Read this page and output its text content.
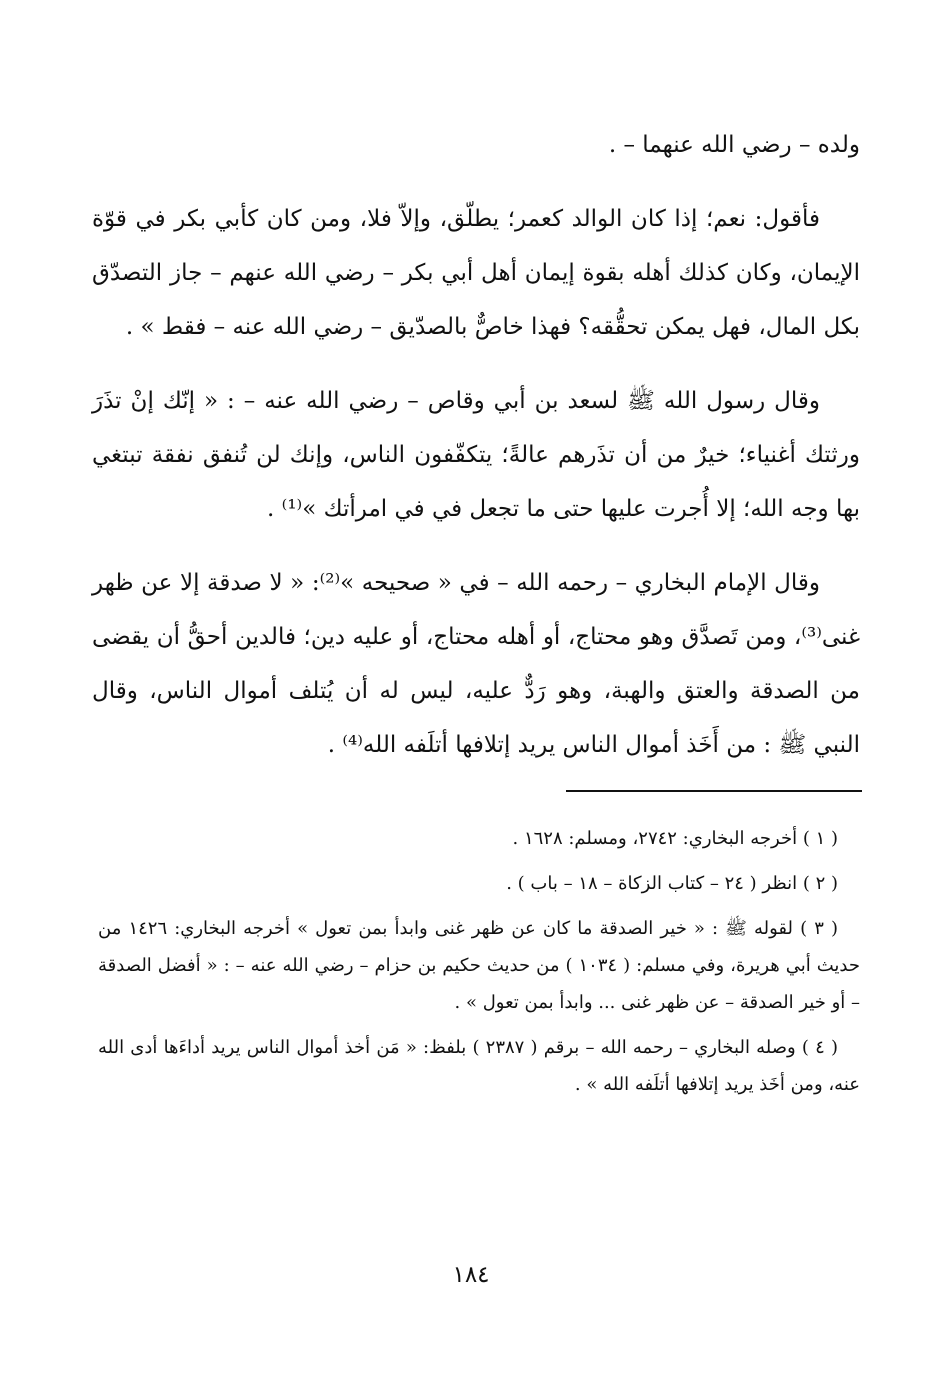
ولده – رضي الله عنهما – .

فأقول: نعم؛ إذا كان الوالد كعمر؛ يطلّق، وإلاّ فلا، ومن كان كأبي بكر في قوّة الإيمان، وكان كذلك أهله بقوة إيمان أهل أبي بكر – رضي الله عنهم – جاز التصدّق بكل المال، فهل يمكن تحقُّقه؟ فهذا خاصٌّ بالصدّيق – رضي الله عنه – فقط » .

وقال رسول الله ﷺ لسعد بن أبي وقاص – رضي الله عنه – : « إنّك إنْ تذَرَ ورثتك أغنياء؛ خيرٌ من أن تذَرهم عالةً؛ يتكفّفون الناس، وإنك لن تُنفق نفقة تبتغي بها وجه الله؛ إلا أُجرت عليها حتى ما تجعل في في امرأتك »⁽¹⁾ .

وقال الإمام البخاري – رحمه الله – في « صحيحه »⁽²⁾: « لا صدقة إلا عن ظهر غنى⁽³⁾، ومن تَصدَّق وهو محتاج، أو أهله محتاج، أو عليه دين؛ فالدين أحقُّ أن يقضى من الصدقة والعتق والهبة، وهو رَدٌّ عليه، ليس له أن يُتلف أموال الناس، وقال النبي ﷺ : من أَخَذ أموال الناس يريد إتلافها أتلَفه الله⁽⁴⁾ .

( ١ ) أخرجه البخاري: ٢٧٤٢، ومسلم: ١٦٢٨ .

( ٢ ) انظر ( ٢٤ – كتاب الزكاة – ١٨ – باب ) .

( ٣ ) لقوله ﷺ : « خير الصدقة ما كان عن ظهر غنى وابدأ بمن تعول » أخرجه البخاري: ١٤٢٦ من حديث أبي هريرة، وفي مسلم: ( ١٠٣٤ ) من حديث حكيم بن حزام – رضي الله عنه – : « أفضل الصدقة – أو خير الصدقة – عن ظهر غنى ... وابدأ بمن تعول » .

( ٤ ) وصله البخاري – رحمه الله – برقم ( ٢٣٨٧ ) بلفظ: « مَن أخذ أموال الناس يريد أداءَها أدى الله عنه، ومن أخَذ يريد إتلافها أتلَفه الله » .

١٨٤
